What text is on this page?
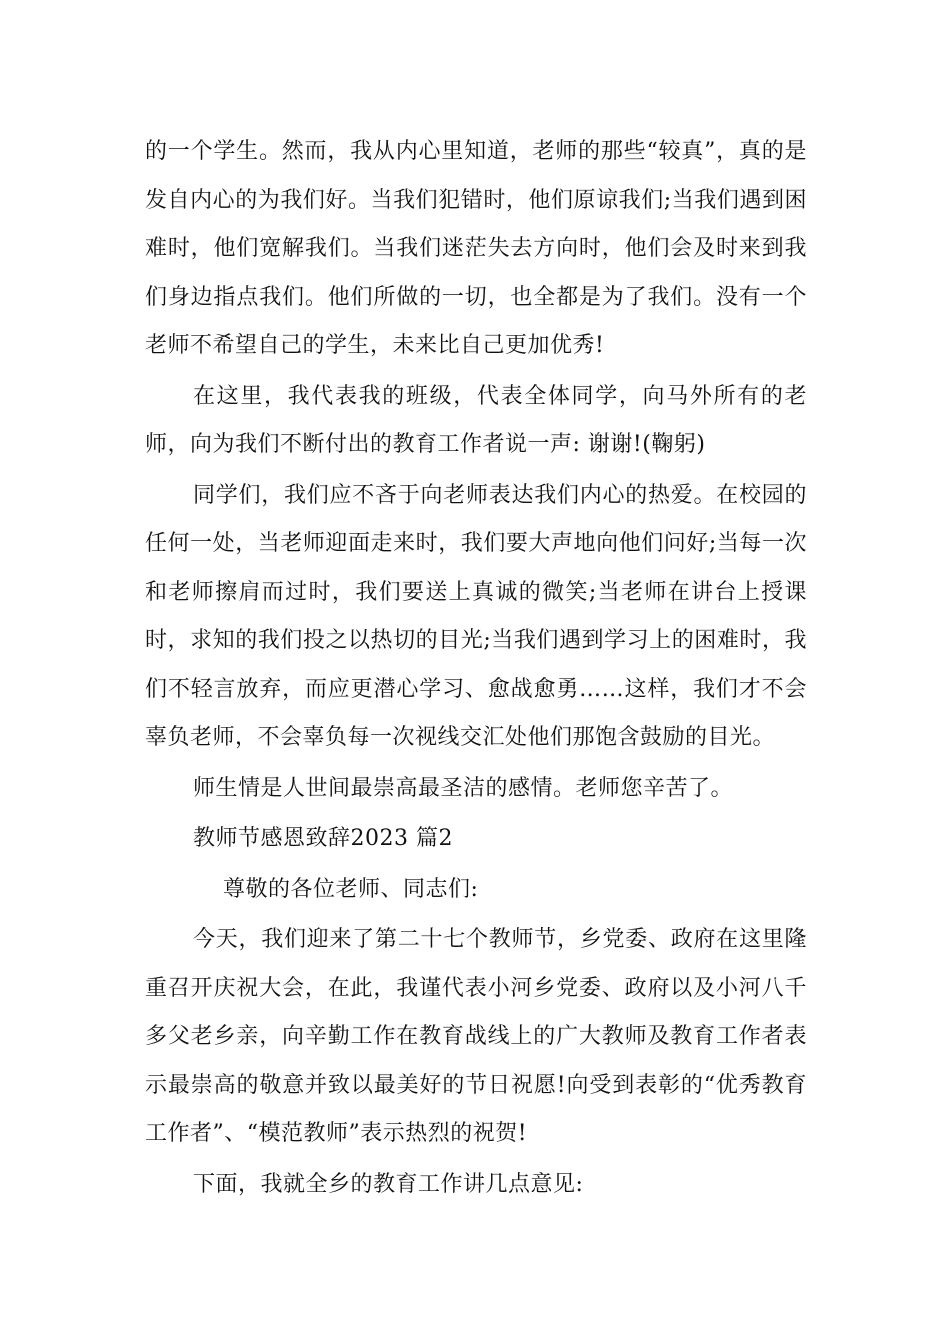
的一个学生。然而，我从内心里知道，老师的那些“较真”，真的是发自内心的为我们好。当我们犯错时，他们原谅我们;当我们遇到困难时，他们宽解我们。当我们迷茫失去方向时，他们会及时来到我们身边指点我们。他们所做的一切，也全都是为了我们。没有一个老师不希望自己的学生，未来比自己更加优秀!

在这里，我代表我的班级，代表全体同学，向马外所有的老师，向为我们不断付出的教育工作者说一声: 谢谢!(鞠躬)

同学们，我们应不吝于向老师表达我们内心的热爱。在校园的任何一处，当老师迎面走来时，我们要大声地向他们问好;当每一次和老师擦肩而过时，我们要送上真诚的微笑;当老师在讲台上授课时，求知的我们投之以热切的目光;当我们遇到学习上的困难时，我们不轻言放弃，而应更潜心学习、愈战愈勇……这样，我们才不会辜负老师，不会辜负每一次视线交汇处他们那饱含鼓励的目光。

师生情是人世间最崇高最圣洁的感情。老师您辛苦了。

教师节感恩致辞2023 篇2

尊敬的各位老师、同志们:

今天，我们迎来了第二十七个教师节，乡党委、政府在这里隆重召开庆祝大会，在此，我谨代表小河乡党委、政府以及小河八千多父老乡亲，向辛勤工作在教育战线上的广大教师及教育工作者表示最崇高的敬意并致以最美好的节日祝愿!向受到表彰的“优秀教育工作者”、“模范教师”表示热烈的祝贺!

下面，我就全乡的教育工作讲几点意见:
